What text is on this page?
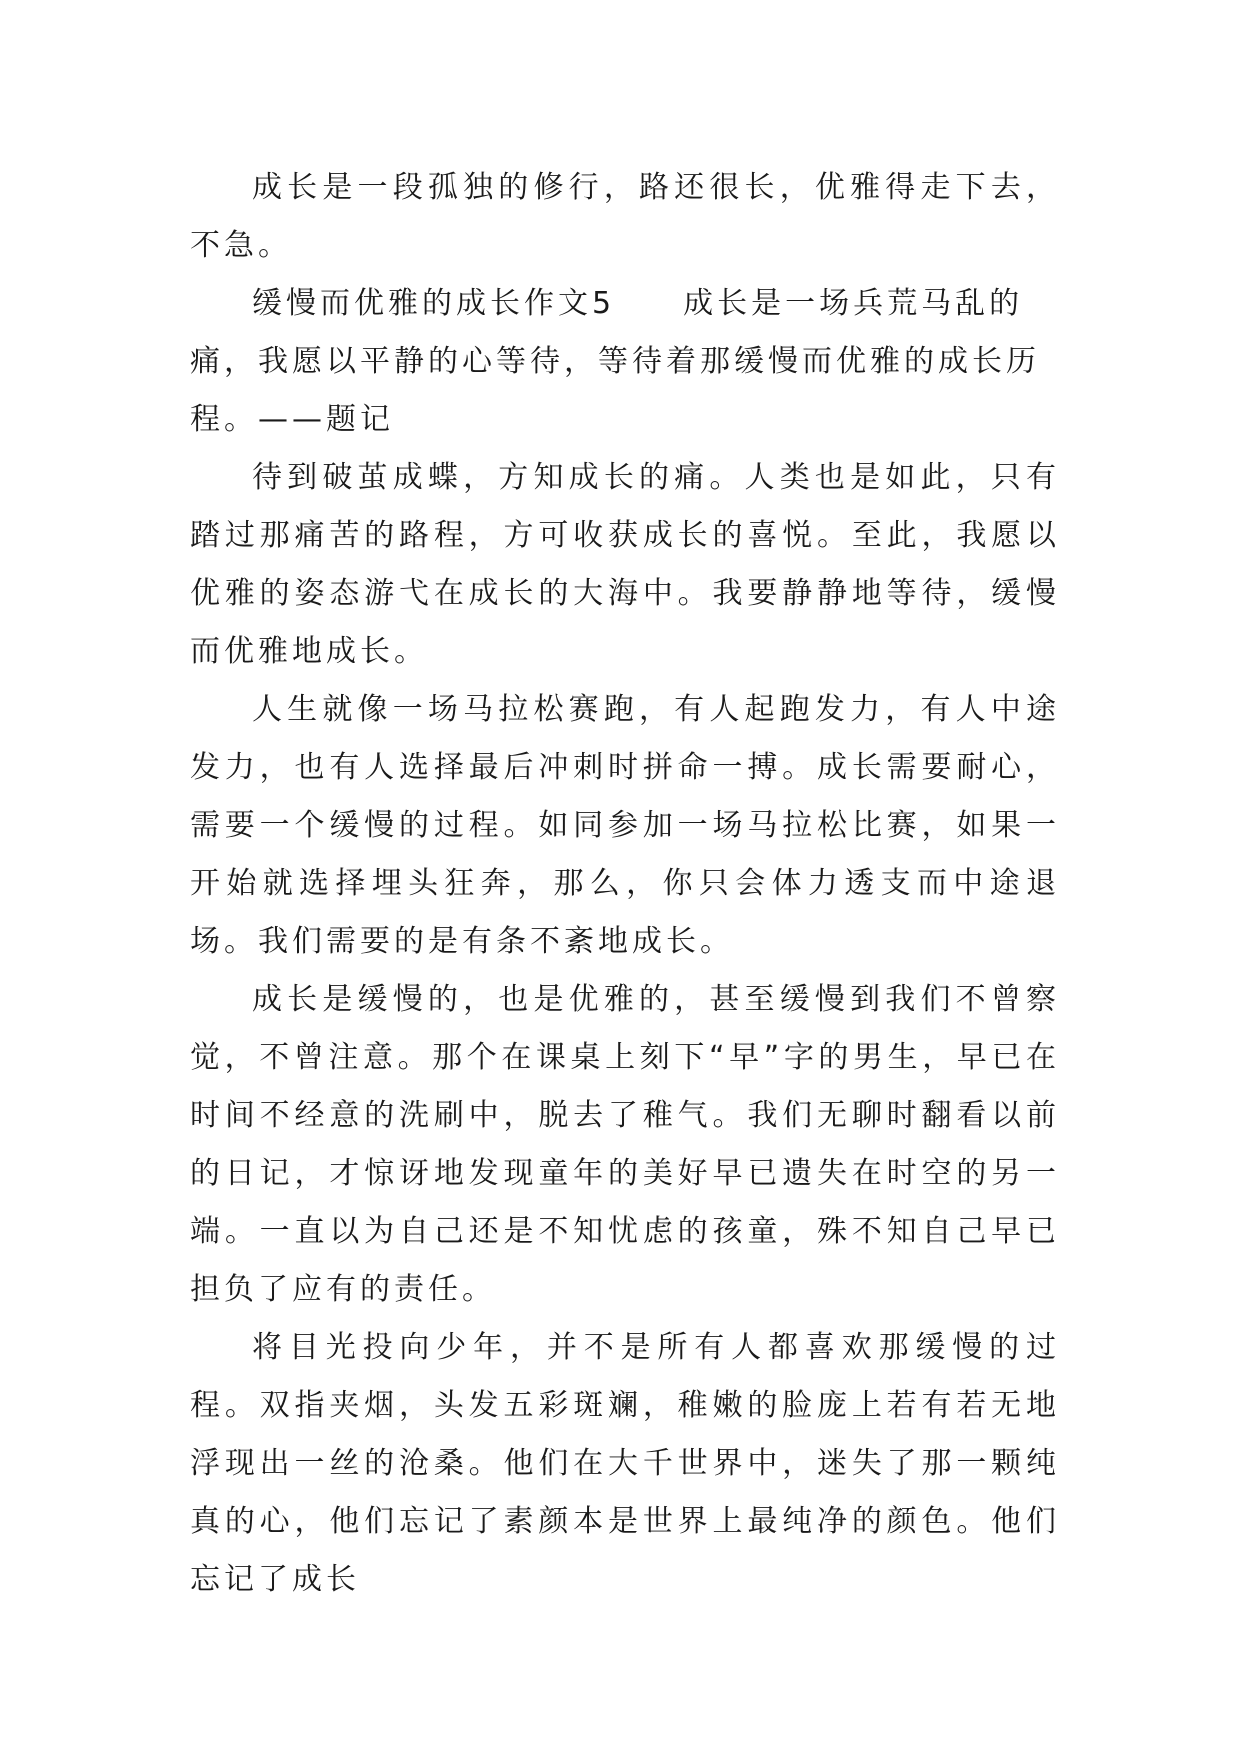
成长是一段孤独的修行，路还很长，优雅得走下去，不急。

缓慢而优雅的成长作文5　　成长是一场兵荒马乱的痛，我愿以平静的心等待，等待着那缓慢而优雅的成长历程。——题记

待到破茧成蝶，方知成长的痛。人类也是如此，只有踏过那痛苦的路程，方可收获成长的喜悦。至此，我愿以优雅的姿态游弋在成长的大海中。我要静静地等待，缓慢而优雅地成长。

人生就像一场马拉松赛跑，有人起跑发力，有人中途发力，也有人选择最后冲刺时拼命一搏。成长需要耐心，需要一个缓慢的过程。如同参加一场马拉松比赛，如果一开始就选择埋头狂奔，那么，你只会体力透支而中途退场。我们需要的是有条不紊地成长。

成长是缓慢的，也是优雅的，甚至缓慢到我们不曾察觉，不曾注意。那个在课桌上刻下“早”字的男生，早已在时间不经意的洗刷中，脱去了稚气。我们无聊时翻看以前的日记，才惊讶地发现童年的美好早已遗失在时空的另一端。一直以为自己还是不知忧虑的孩童，殊不知自己早已担负了应有的责任。

将目光投向少年，并不是所有人都喜欢那缓慢的过程。双指夹烟，头发五彩斑斓，稚嫩的脸庞上若有若无地浮现出一丝的沧桑。他们在大千世界中，迷失了那一颗纯真的心，他们忘记了素颜本是世界上最纯净的颜色。他们忘记了成长
